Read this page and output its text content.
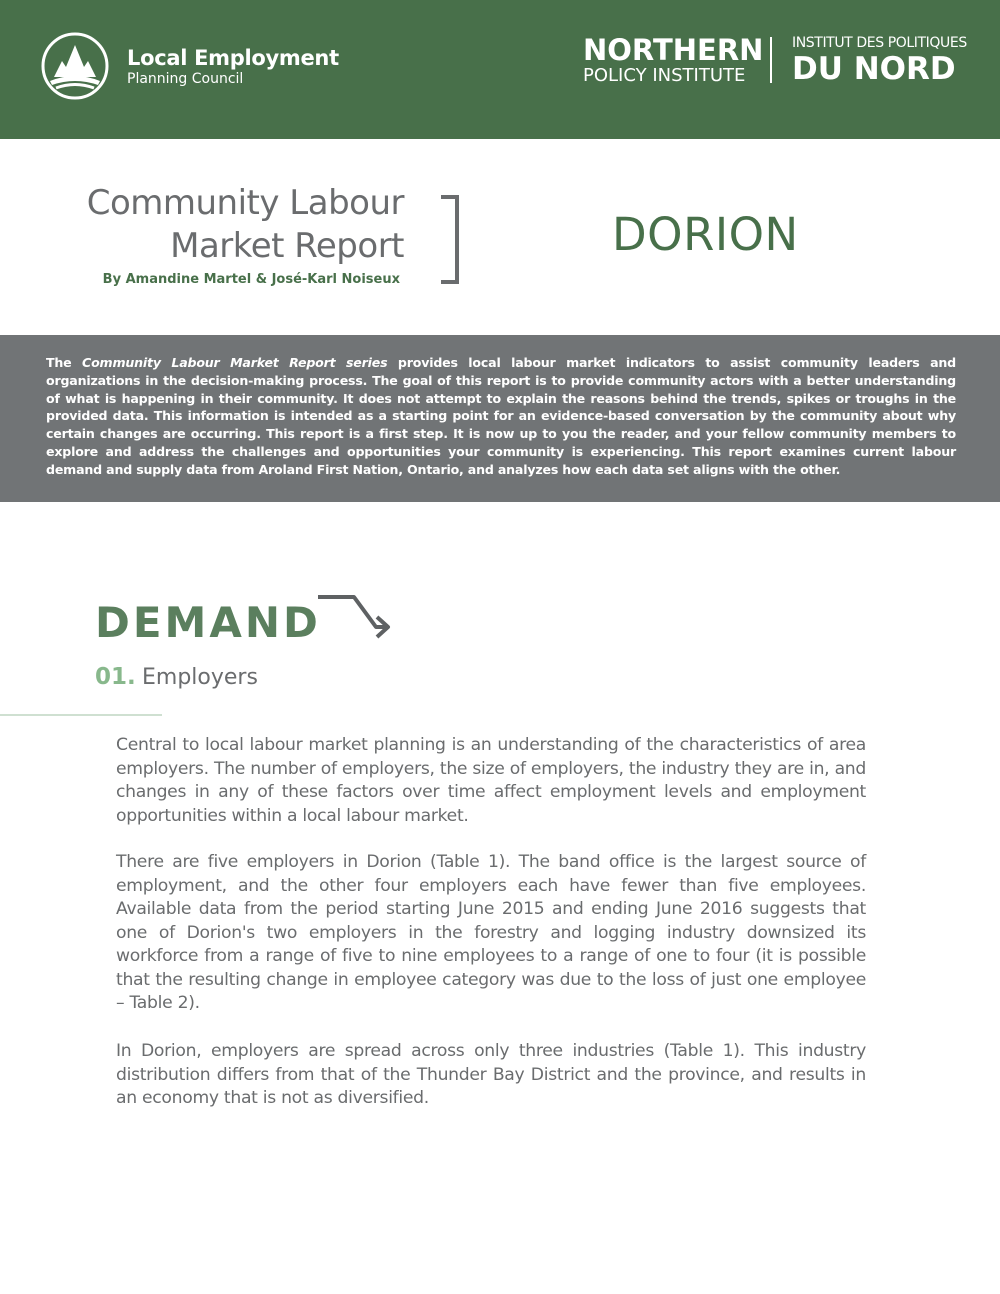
Local Employment
Planning Council
NORTHERN
POLICY INSTITUTE
INSTITUT DES POLITIQUES
DU NORD
Community Labour
Market Report
By Amandine Martel & José-Karl Noiseux
DORION

The Community Labour Market Report series provides local labour market indicators to assist community leaders and organizations in the decision-making process. The goal of this report is to provide community actors with a better understanding of what is happening in their community. It does not attempt to explain the reasons behind the trends, spikes or troughs in the provided data. This information is intended as a starting point for an evidence-based conversation by the community about why certain changes are occurring. This report is a first step. It is now up to you the reader, and your fellow community members to explore and address the challenges and opportunities your community is experiencing. This report examines current labour demand and supply data from Aroland First Nation, Ontario, and analyzes how each data set aligns with the other.

DEMAND
01. Employers

Central to local labour market planning is an understanding of the characteristics of area employers. The number of employers, the size of employers, the industry they are in, and changes in any of these factors over time affect employment levels and employment opportunities within a local labour market.

There are five employers in Dorion (Table 1). The band office is the largest source of employment, and the other four employers each have fewer than five employees. Available data from the period starting June 2015 and ending June 2016 suggests that one of Dorion's two employers in the forestry and logging industry downsized its workforce from a range of five to nine employees to a range of one to four (it is possible that the resulting change in employee category was due to the loss of just one employee – Table 2).

In Dorion, employers are spread across only three industries (Table 1). This industry distribution differs from that of the Thunder Bay District and the province, and results in an economy that is not as diversified.
